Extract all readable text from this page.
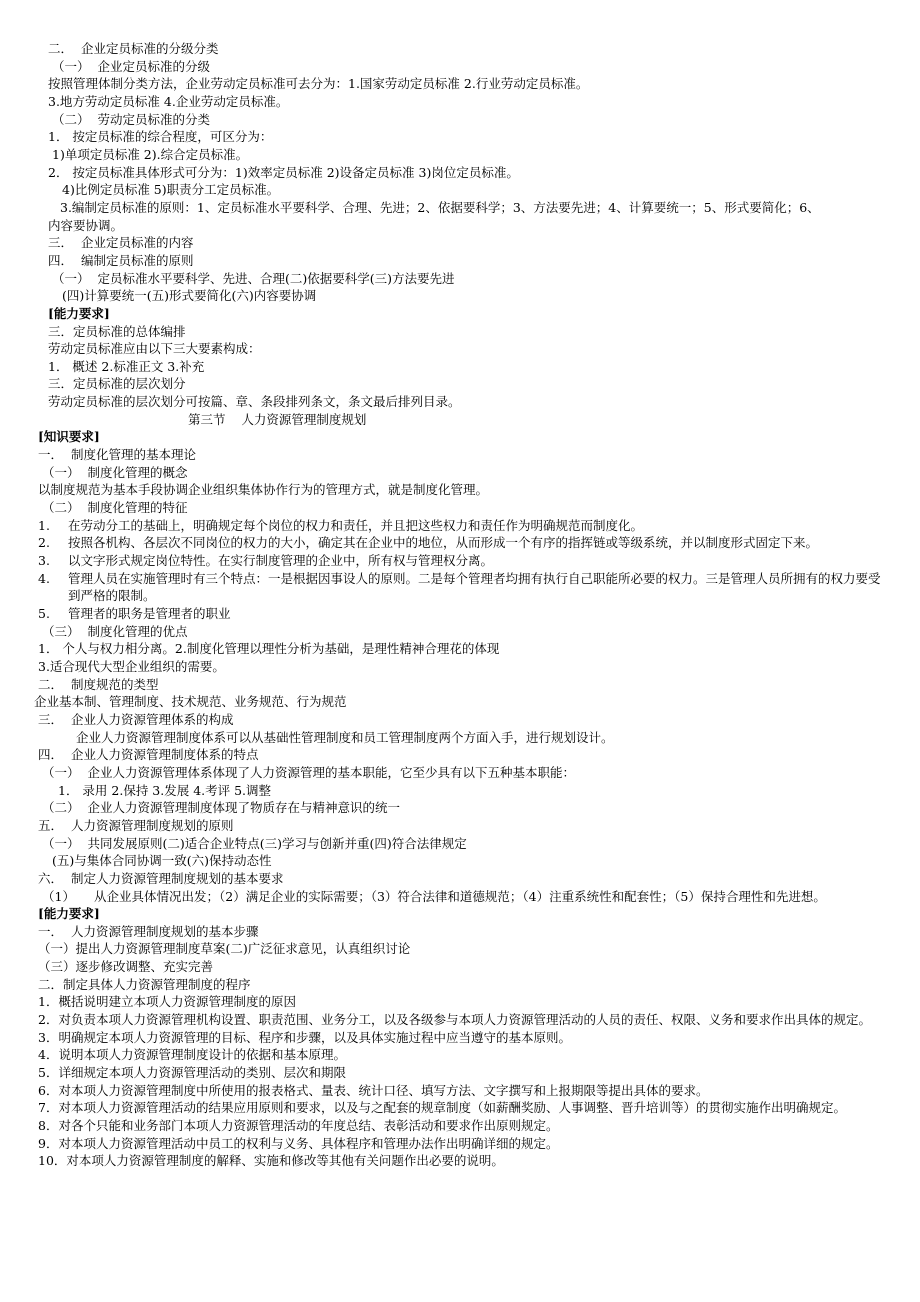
二．  企业定员标准的分级分类
（一）  企业定员标准的分级
按照管理体制分类方法，企业劳动定员标准可去分为：1.国家劳动定员标准 2.行业劳动定员标准。
3.地方劳动定员标准 4.企业劳动定员标准。
（二）  劳动定员标准的分类
1． 按定员标准的综合程度，可区分为：
1)单项定员标准 2).综合定员标准。
2． 按定员标准具体形式可分为：1)效率定员标准 2)设备定员标准 3)岗位定员标准。
4)比例定员标准 5)职责分工定员标准。
3.编制定员标准的原则：1、定员标准水平要科学、合理、先进；2、依据要科学；3、方法要先进；4、计算要统一；5、形式要简化；6、
内容要协调。
三．  企业定员标准的内容
四．  编制定员标准的原则
（一）  定员标准水平要科学、先进、合理(二)依据要科学(三)方法要先进
(四)计算要统一(五)形式要简化(六)内容要协调
[能力要求]
三．定员标准的总体编排
劳动定员标准应由以下三大要素构成：
1． 概述 2.标准正文 3.补充
三．定员标准的层次划分
劳动定员标准的层次划分可按篇、章、条段排列条文，条文最后排列目录。
第三节    人力资源管理制度规划
[知识要求]
一．  制度化管理的基本理论
（一）  制度化管理的概念
以制度规范为基本手段协调企业组织集体协作行为的管理方式，就是制度化管理。
（二）  制度化管理的特征
1. 在劳动分工的基础上，明确规定每个岗位的权力和责任，并且把这些权力和责任作为明确规范而制度化。
2. 按照各机构、各层次不同岗位的权力的大小，确定其在企业中的地位，从而形成一个有序的指挥链或等级系统，并以制度形式固定下来。
3. 以文字形式规定岗位特性。在实行制度管理的企业中，所有权与管理权分离。
4. 管理人员在实施管理时有三个特点：一是根据因事设人的原则。二是每个管理者均拥有执行自己职能所必要的权力。三是管理人员所拥有的权力要受到严格的限制。
5. 管理者的职务是管理者的职业
（三）  制度化管理的优点
1． 个人与权力相分离。2.制度化管理以理性分析为基础，是理性精神合理花的体现
3.适合现代大型企业组织的需要。
二．  制度规范的类型
企业基本制、管理制度、技术规范、业务规范、行为规范
三．  企业人力资源管理体系的构成
企业人力资源管理制度体系可以从基础性管理制度和员工管理制度两个方面入手，进行规划设计。
四．  企业人力资源管理制度体系的特点
（一）  企业人力资源管理体系体现了人力资源管理的基本职能，它至少具有以下五种基本职能：
1． 录用 2.保持 3.发展 4.考评 5.调整
（二）  企业人力资源管理制度体现了物质存在与精神意识的统一
五．  人力资源管理制度规划的原则
（一）  共同发展原则(二)适合企业特点(三)学习与创新并重(四)符合法律规定
(五)与集体合同协调一致(六)保持动态性
六．  制定人力资源管理制度规划的基本要求
（1） 从企业具体情况出发；（2）满足企业的实际需要；（3）符合法律和道德规范；（4）注重系统性和配套性；（5）保持合理性和先进想。
[能力要求]
一．  人力资源管理制度规划的基本步骤
（一）提出人力资源管理制度草案(二)广泛征求意见，认真组织讨论
（三）逐步修改调整、充实完善
二．制定具体人力资源管理制度的程序
1．概括说明建立本项人力资源管理制度的原因
2．对负责本项人力资源管理机构设置、职责范围、业务分工，以及各级参与本项人力资源管理活动的人员的责任、权限、义务和要求作出具体的规定。
3．明确规定本项人力资源管理的目标、程序和步骤，以及具体实施过程中应当遵守的基本原则。
4．说明本项人力资源管理制度设计的依据和基本原理。
5．详细规定本项人力资源管理活动的类别、层次和期限
6．对本项人力资源管理制度中所使用的报表格式、量表、统计口径、填写方法、文字撰写和上报期限等提出具体的要求。
7．对本项人力资源管理活动的结果应用原则和要求，以及与之配套的规章制度（如薪酬奖励、人事调整、晋升培训等）的贯彻实施作出明确规定。
8．对各个只能和业务部门本项人力资源管理活动的年度总结、表彰活动和要求作出原则规定。
9．对本项人力资源管理活动中员工的权利与义务、具体程序和管理办法作出明确详细的规定。
10．对本项人力资源管理制度的解释、实施和修改等其他有关问题作出必要的说明。
